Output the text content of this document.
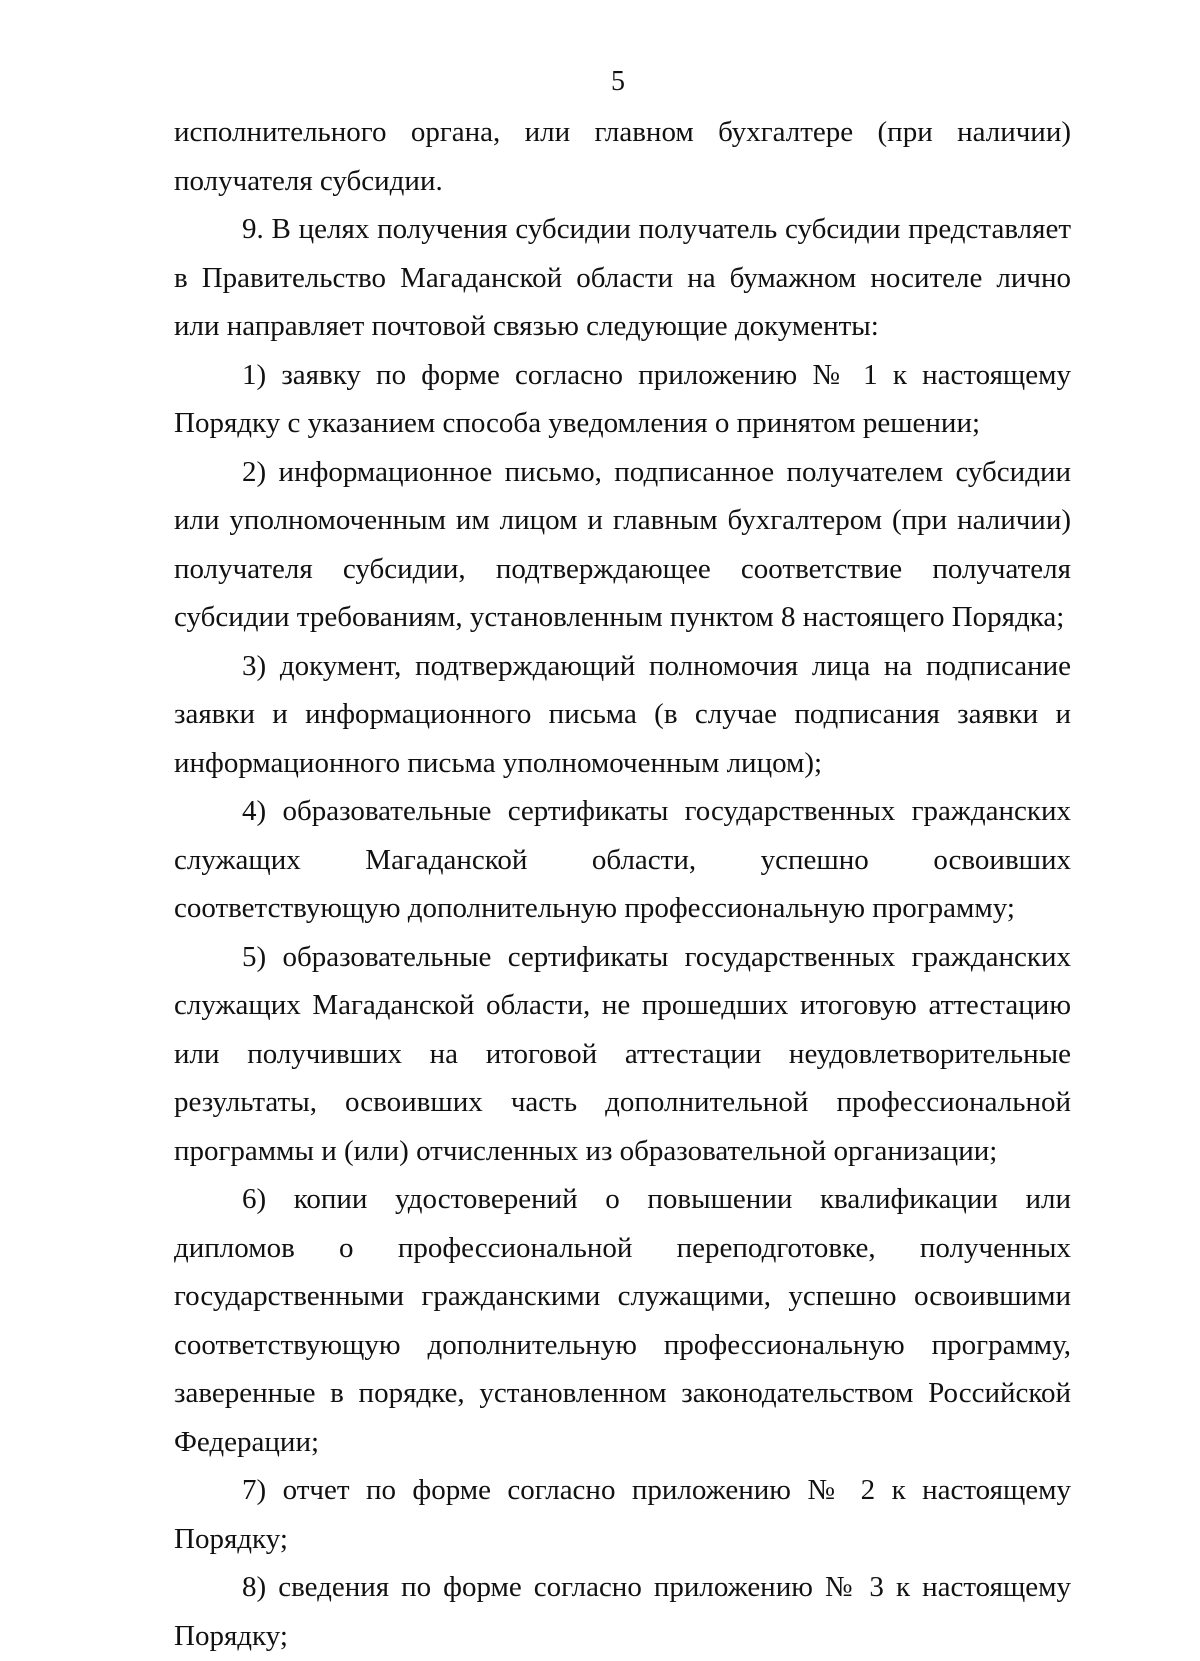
5

исполнительного органа, или главном бухгалтере (при наличии) получателя субсидии.

9. В целях получения субсидии получатель субсидии представляет в Правительство Магаданской области на бумажном носителе лично или направляет почтовой связью следующие документы:

1) заявку по форме согласно приложению № 1 к настоящему Порядку с указанием способа уведомления о принятом решении;

2) информационное письмо, подписанное получателем субсидии или уполномоченным им лицом и главным бухгалтером (при наличии) получателя субсидии, подтверждающее соответствие получателя субсидии требованиям, установленным пунктом 8 настоящего Порядка;

3) документ, подтверждающий полномочия лица на подписание заявки и информационного письма (в случае подписания заявки и информационного письма уполномоченным лицом);

4) образовательные сертификаты государственных гражданских служащих Магаданской области, успешно освоивших соответствующую дополнительную профессиональную программу;

5) образовательные сертификаты государственных гражданских служащих Магаданской области, не прошедших итоговую аттестацию или получивших на итоговой аттестации неудовлетворительные результаты, освоивших часть дополнительной профессиональной программы и (или) отчисленных из образовательной организации;

6) копии удостоверений о повышении квалификации или дипломов о профессиональной переподготовке, полученных государственными гражданскими служащими, успешно освоившими соответствующую дополнительную профессиональную программу, заверенные в порядке, установленном законодательством Российской Федерации;

7) отчет по форме согласно приложению № 2 к настоящему Порядку;

8) сведения по форме согласно приложению № 3 к настоящему Порядку;
